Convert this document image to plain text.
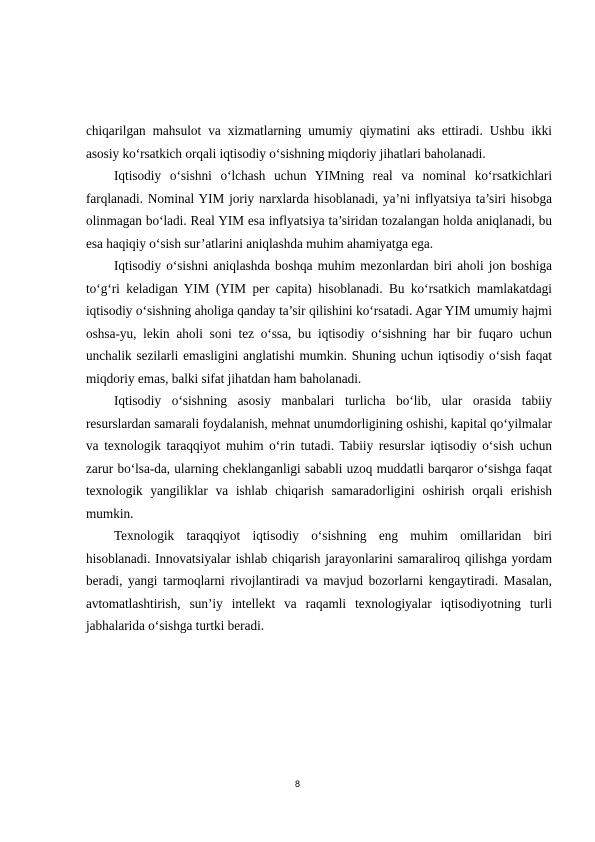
chiqarilgan mahsulot va xizmatlarning umumiy qiymatini aks ettiradi. Ushbu ikki asosiy ko‘rsatkich orqali iqtisodiy o‘sishning miqdoriy jihatlari baholanadi.

Iqtisodiy o‘sishni o‘lchash uchun YIMning real va nominal ko‘rsatkichlari farqlanadi. Nominal YIM joriy narxlarda hisoblanadi, ya’ni inflyatsiya ta’siri hisobga olinmagan bo‘ladi. Real YIM esa inflyatsiya ta’siridan tozalangan holda aniqlanadi, bu esa haqiqiy o‘sish sur’atlarini aniqlashda muhim ahamiyatga ega.

Iqtisodiy o‘sishni aniqlashda boshqa muhim mezonlardan biri aholi jon boshiga to‘g‘ri keladigan YIM (YIM per capita) hisoblanadi. Bu ko‘rsatkich mamlakatdagi iqtisodiy o‘sishning aholiga qanday ta’sir qilishini ko‘rsatadi. Agar YIM umumiy hajmi oshsa-yu, lekin aholi soni tez o‘ssa, bu iqtisodiy o‘sishning har bir fuqaro uchun unchalik sezilarli emasligini anglatishi mumkin. Shuning uchun iqtisodiy o‘sish faqat miqdoriy emas, balki sifat jihatdan ham baholanadi.

Iqtisodiy o‘sishning asosiy manbalari turlicha bo‘lib, ular orasida tabiiy resurslardan samarali foydalanish, mehnat unumdorligining oshishi, kapital qo‘yilmalar va texnologik taraqqiyot muhim o‘rin tutadi. Tabiiy resurslar iqtisodiy o‘sish uchun zarur bo‘lsa-da, ularning cheklanganligi sababli uzoq muddatli barqaror o‘sishga faqat texnologik yangiliklar va ishlab chiqarish samaradorligini oshirish orqali erishish mumkin.

Texnologik taraqqiyot iqtisodiy o‘sishning eng muhim omillaridan biri hisoblanadi. Innovatsiyalar ishlab chiqarish jarayonlarini samaraliroq qilishga yordam beradi, yangi tarmoqlarni rivojlantiradi va mavjud bozorlarni kengaytiradi. Masalan, avtomatlashtirish, sun’iy intellekt va raqamli texnologiyalar iqtisodiyotning turli jabhalarida o‘sishga turtki beradi.

8
